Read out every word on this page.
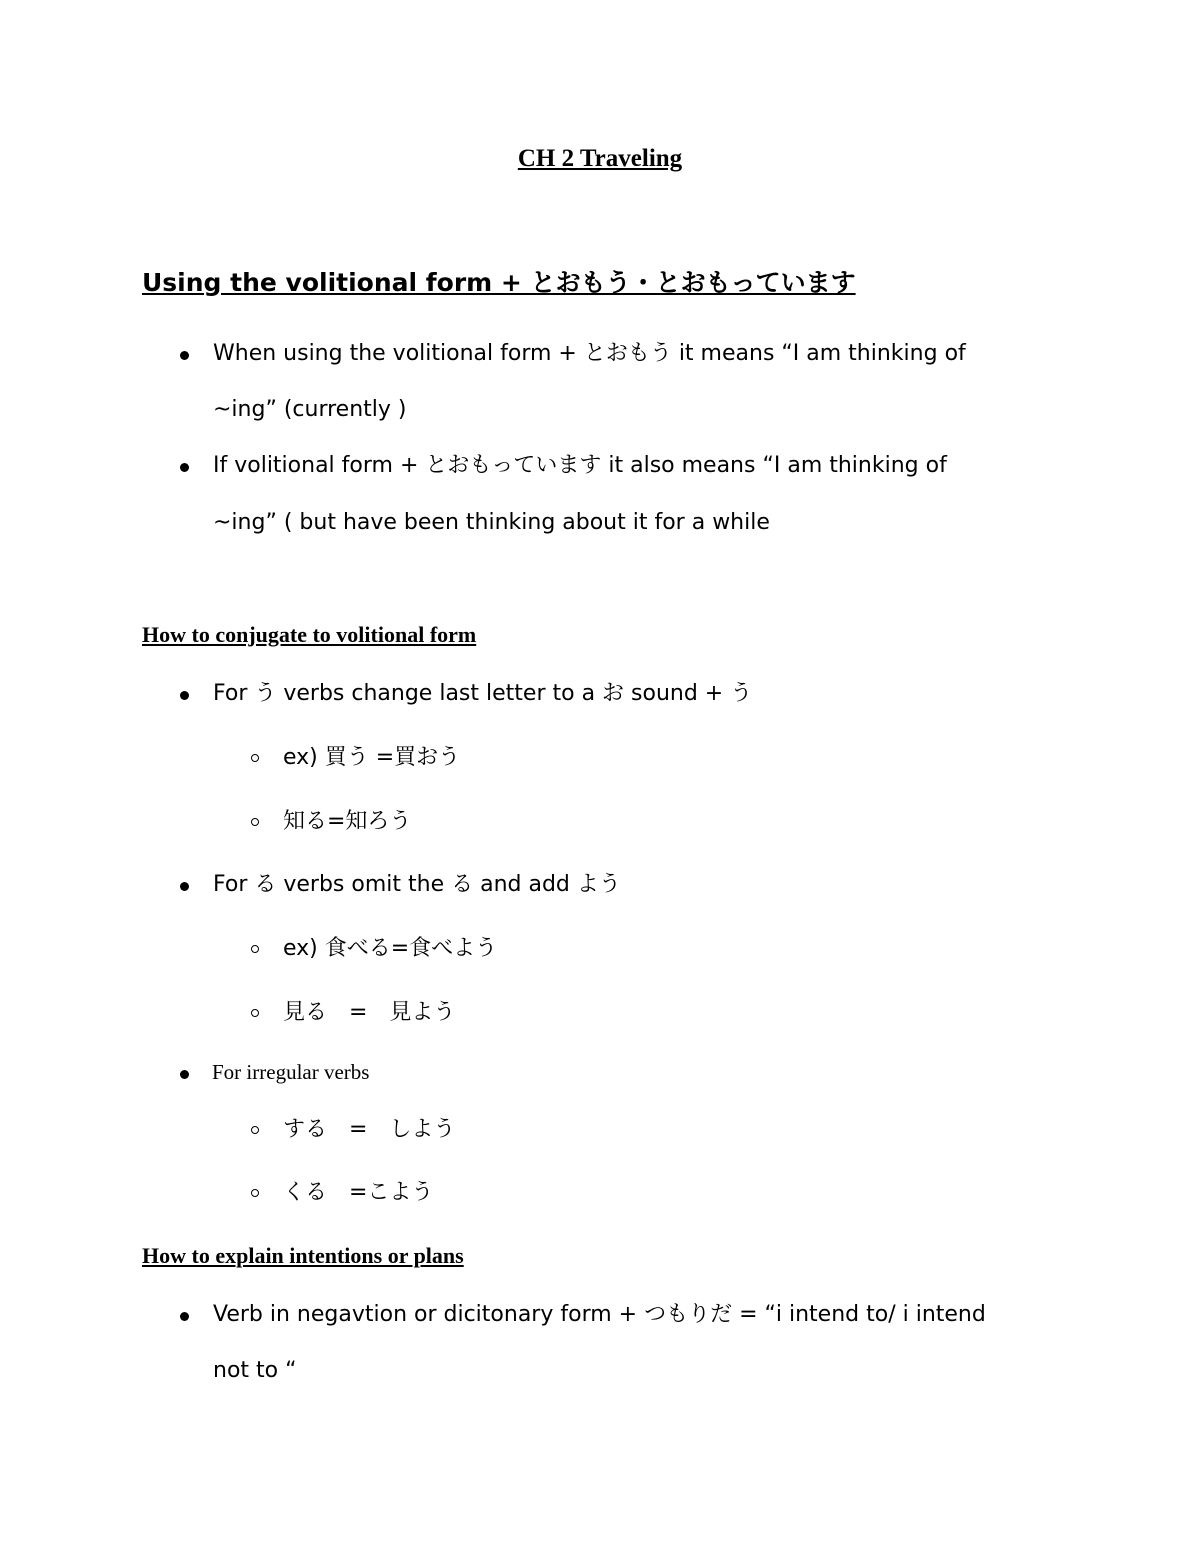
CH 2 Traveling
Using the volitional form + とおもう・とおもっています
When using the volitional form + とおもう it means “I am thinking of
~ing” (currently )
If volitional form + とおもっています it also means “I am thinking of
~ing” ( but have been thinking about it for a while
How to conjugate to volitional form
For う verbs change last letter to a お sound + う
ex) 買う =買おう
知る=知ろう
For る verbs omit the る and add よう
ex) 食べる=食べよう
見る　=　見よう
For irregular verbs
する　=　しよう
くる　=こよう
How to explain intentions or plans
Verb in negavtion or dicitonary form + つもりだ = “i intend to/ i intend
not to “
